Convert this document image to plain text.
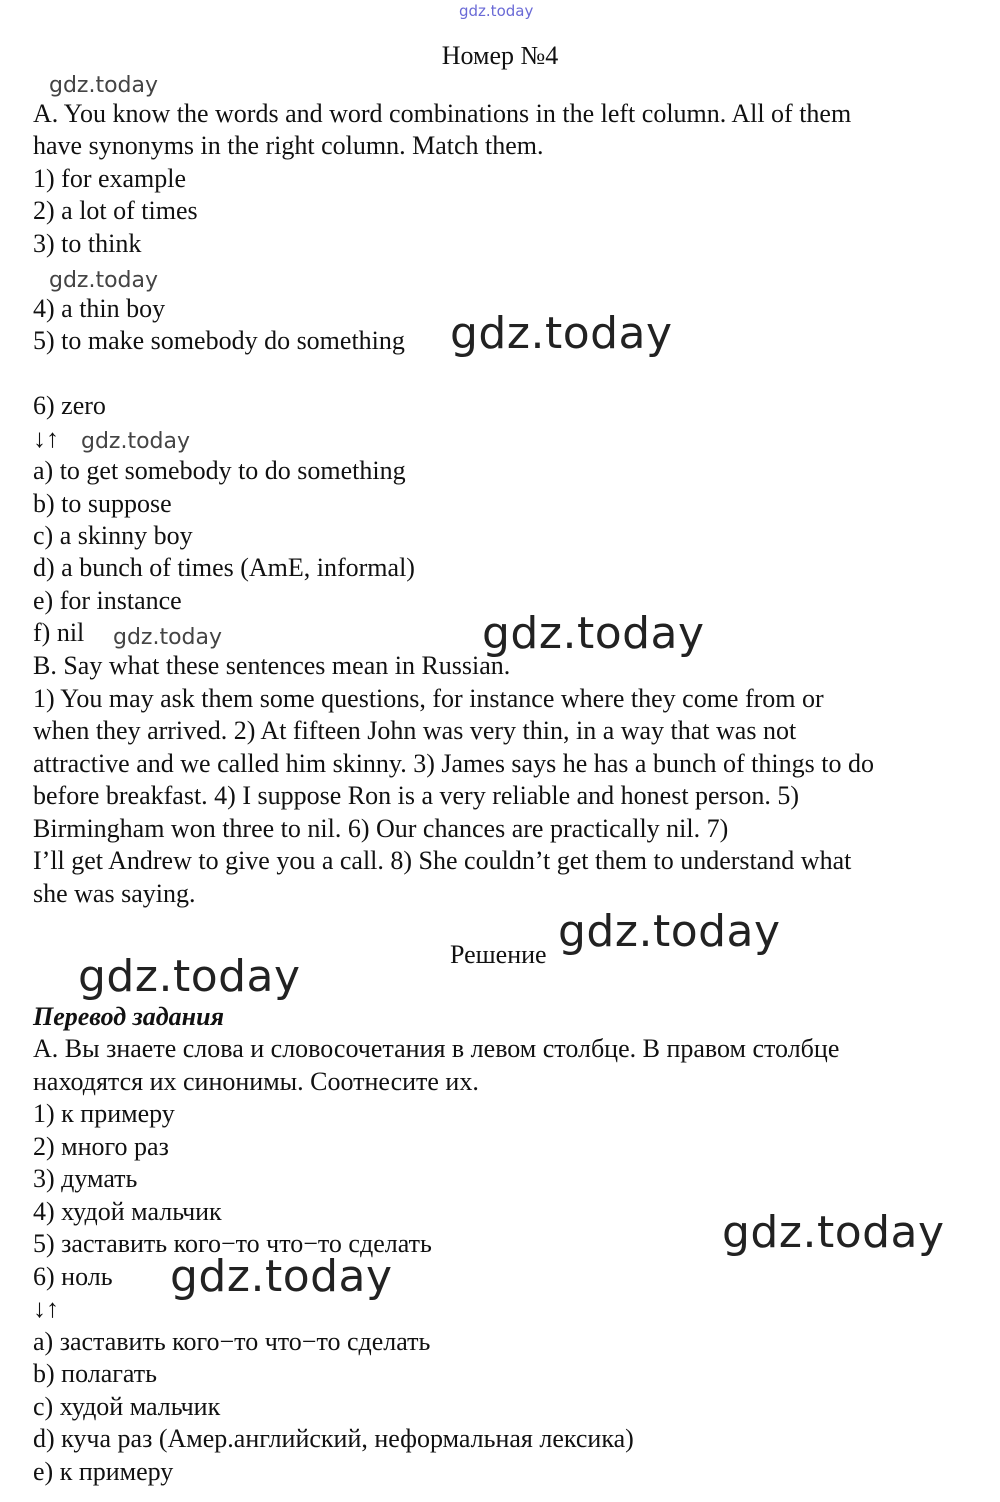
gdz.today
Номер №4
gdz.today
A. You know the words and word combinations in the left column. All of them
have synonyms in the right column. Match them.
1) for example
2) a lot of times
3) to think
gdz.today
4) a thin boy
5) to make somebody do something gdz.today
6) zero
↓↑ gdz.today
a) to get somebody to do something
b) to suppose
c) a skinny boy
d) a bunch of times (AmE, informal)
e) for instance
f) nil gdz.today	gdz.today
B. Say what these sentences mean in Russian.
1) You may ask them some questions, for instance where they come from or
when they arrived. 2) At fifteen John was very thin, in a way that was not
attractive and we called him skinny. 3) James says he has a bunch of things to do
before breakfast. 4) I suppose Ron is a very reliable and honest person. 5)
Birmingham won three to nil. 6) Our chances are practically nil. 7)
I’ll get Andrew to give you a call. 8) She couldn’t get them to understand what
she was saying.
Решение gdz.today
gdz.today
Перевод задания
А. Вы знаете слова и словосочетания в левом столбце. В правом столбце
находятся их синонимы. Соотнесите их.
1) к примеру
2) много раз
3) думать
4) худой мальчик
5) заставить кого−то что−то сделать	gdz.today
6) ноль gdz.today
↓↑
a) заставить кого−то что−то сделать
b) полагать
c) худой мальчик
d) куча раз (Амер.английский, неформальная лексика)
e) к примеру
